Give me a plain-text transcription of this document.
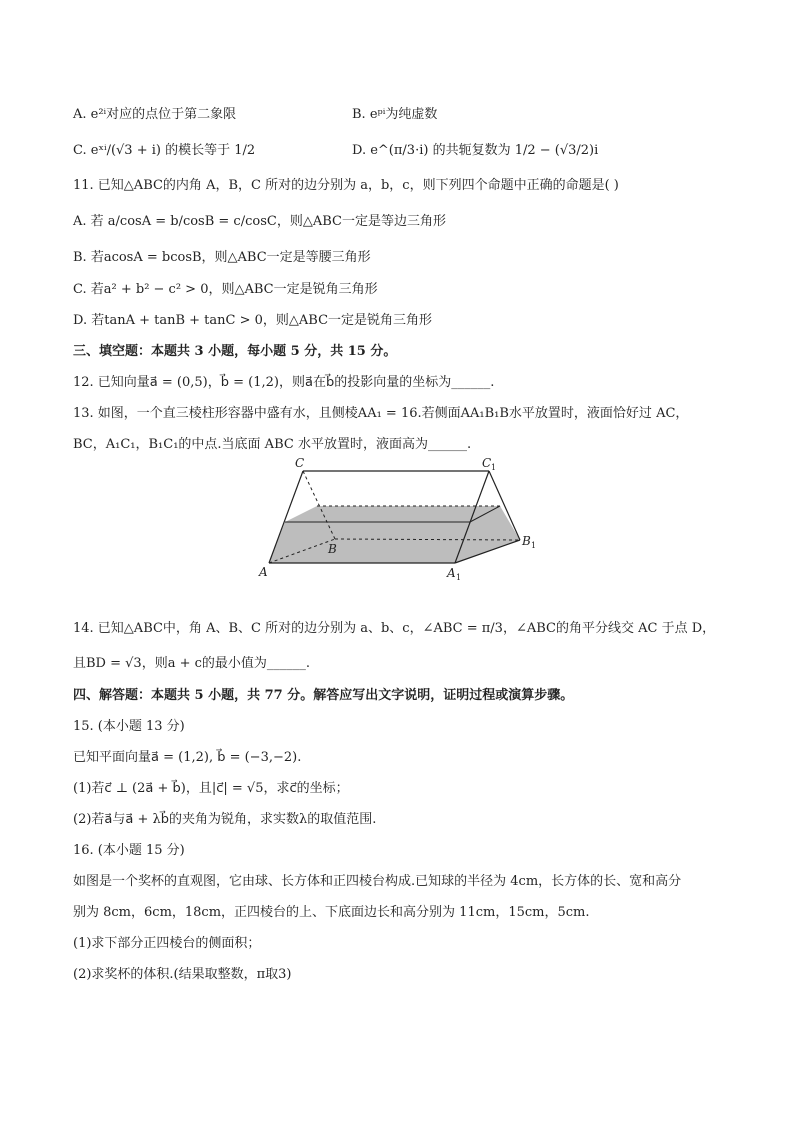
A. e²ⁱ对应的点位于第二象限	B. eᵖⁱ为纯虚数
C. eˣⁱ/(√3 + i) 的模长等于 1/2	D. e^(π/3·i) 的共轭复数为 1/2 − (√3/2)i
11. 已知△ABC的内角 A，B，C 所对的边分别为 a，b，c，则下列四个命题中正确的命题是( )
A. 若 a/cosA = b/cosB = c/cosC，则△ABC一定是等边三角形
B. 若acosA = bcosB，则△ABC一定是等腰三角形
C. 若a² + b² − c² > 0，则△ABC一定是锐角三角形
D. 若tanA + tanB + tanC > 0，则△ABC一定是锐角三角形
三、填空题：本题共 3 小题，每小题 5 分，共 15 分。
12. 已知向量a⃗ = (0,5)，b⃗ = (1,2)，则a⃗在b⃗的投影向量的坐标为______.
13. 如图，一个直三棱柱形容器中盛有水，且侧棱AA₁ = 16.若侧面AA₁B₁B水平放置时，液面恰好过 AC，
BC，A₁C₁，B₁C₁的中点.当底面 ABC 水平放置时，液面高为______.
C	C 1
B
B 1
A	A 1
14. 已知△ABC中，角 A、B、C 所对的边分别为 a、b、c，∠ABC = π/3，∠ABC的角平分线交 AC 于点 D，
且BD = √3，则a + c的最小值为______.
四、解答题：本题共 5 小题，共 77 分。解答应写出文字说明，证明过程或演算步骤。
15. (本小题 13 分)
已知平面向量a⃗ = (1,2), b⃗ = (−3,−2).
(1)若c⃗ ⊥ (2a⃗ + b⃗)，且|c⃗| = √5，求c⃗的坐标；
(2)若a⃗与a⃗ + λb⃗的夹角为锐角，求实数λ的取值范围.
16. (本小题 15 分)
如图是一个奖杯的直观图，它由球、长方体和正四棱台构成.已知球的半径为 4cm，长方体的长、宽和高分
别为 8cm，6cm，18cm，正四棱台的上、下底面边长和高分别为 11cm，15cm，5cm.
(1)求下部分正四棱台的侧面积；
(2)求奖杯的体积.(结果取整数，π取3)
